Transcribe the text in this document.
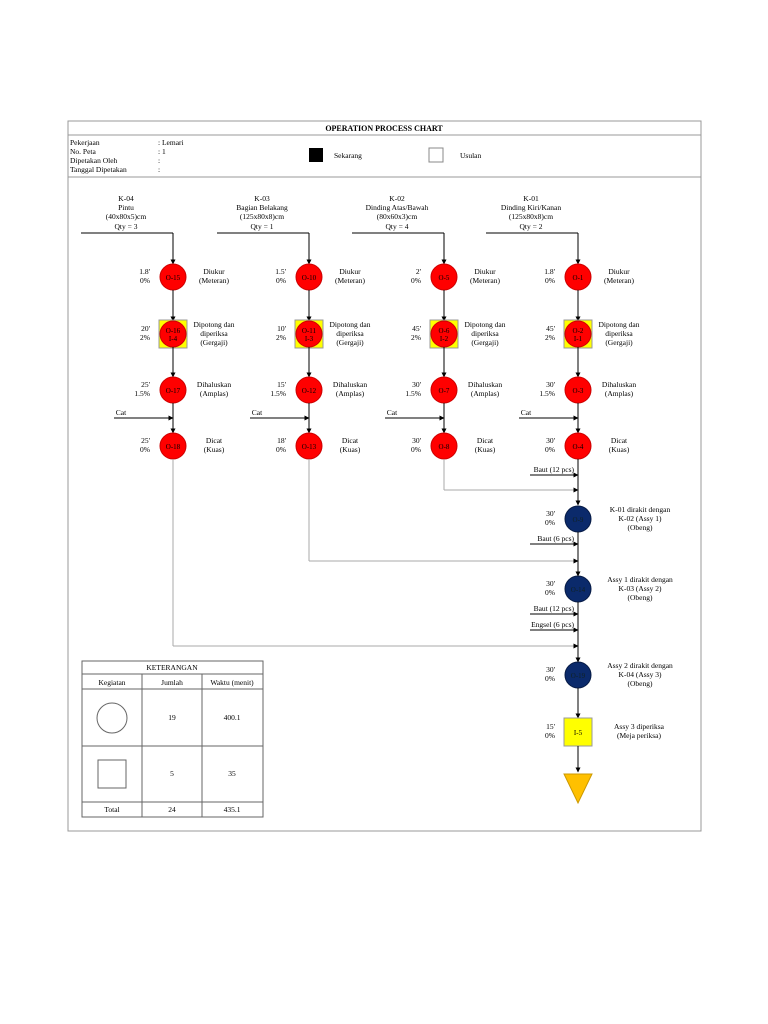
OPERATION PROCESS CHART
Pekerjaan	: Lemari
No. Peta	: 1
Dipetakan Oleh	:
Tanggal Dipetakan	:
Sekarang	Usulan
K-04
Pintu
(40x80x5)cm
Qty = 3
O-15
1.8'
0%
Diukur
(Meteran)
O-16
I-4
20'
2%
Dipotong dan
diperiksa
(Gergaji)
O-17
25'
1.5%
Dihaluskan
(Amplas)
Cat
O-18
25'
0%
Dicat
(Kuas)
K-03
Bagian Belakang
(125x80x8)cm
Qty = 1
O-10
1.5'
0%
Diukur
(Meteran)
O-11
I-3
10'
2%
Dipotong dan
diperiksa
(Gergaji)
O-12
15'
1.5%
Dihaluskan
(Amplas)
Cat
O-13
18'
0%
Dicat
(Kuas)
K-02
Dinding Atas/Bawah
(80x60x3)cm
Qty = 4
O-5
2'
0%
Diukur
(Meteran)
O-6
I-2
45'
2%
Dipotong dan
diperiksa
(Gergaji)
O-7
30'
1.5%
Dihaluskan
(Amplas)
Cat
O-8
30'
0%
Dicat
(Kuas)
K-01
Dinding Kiri/Kanan
(125x80x8)cm
Qty = 2
O-1
1.8'
0%
Diukur
(Meteran)
O-2
I-1
45'
2%
Dipotong dan
diperiksa
(Gergaji)
O-3
30'
1.5%
Dihaluskan
(Amplas)
Cat
O-4
30'
0%
Dicat
(Kuas)
Baut (12 pcs)
O-9
30'
0%
K-01 dirakit dengan
K-02 (Assy 1)
(Obeng)
Baut (6 pcs)
O-14
30'
0%
Assy 1 dirakit dengan
K-03 (Assy 2)
(Obeng)
Baut (12 pcs)
Engsel (6 pcs)
O-19
30'
0%
Assy 2 dirakit dengan
K-04 (Assy 3)
(Obeng)
I-5
15'
0%
Assy 3 diperiksa
(Meja periksa)
KETERANGAN
Kegiatan	Jumlah	Waktu (menit)
19	400.1
5	35
Total	24	435.1
